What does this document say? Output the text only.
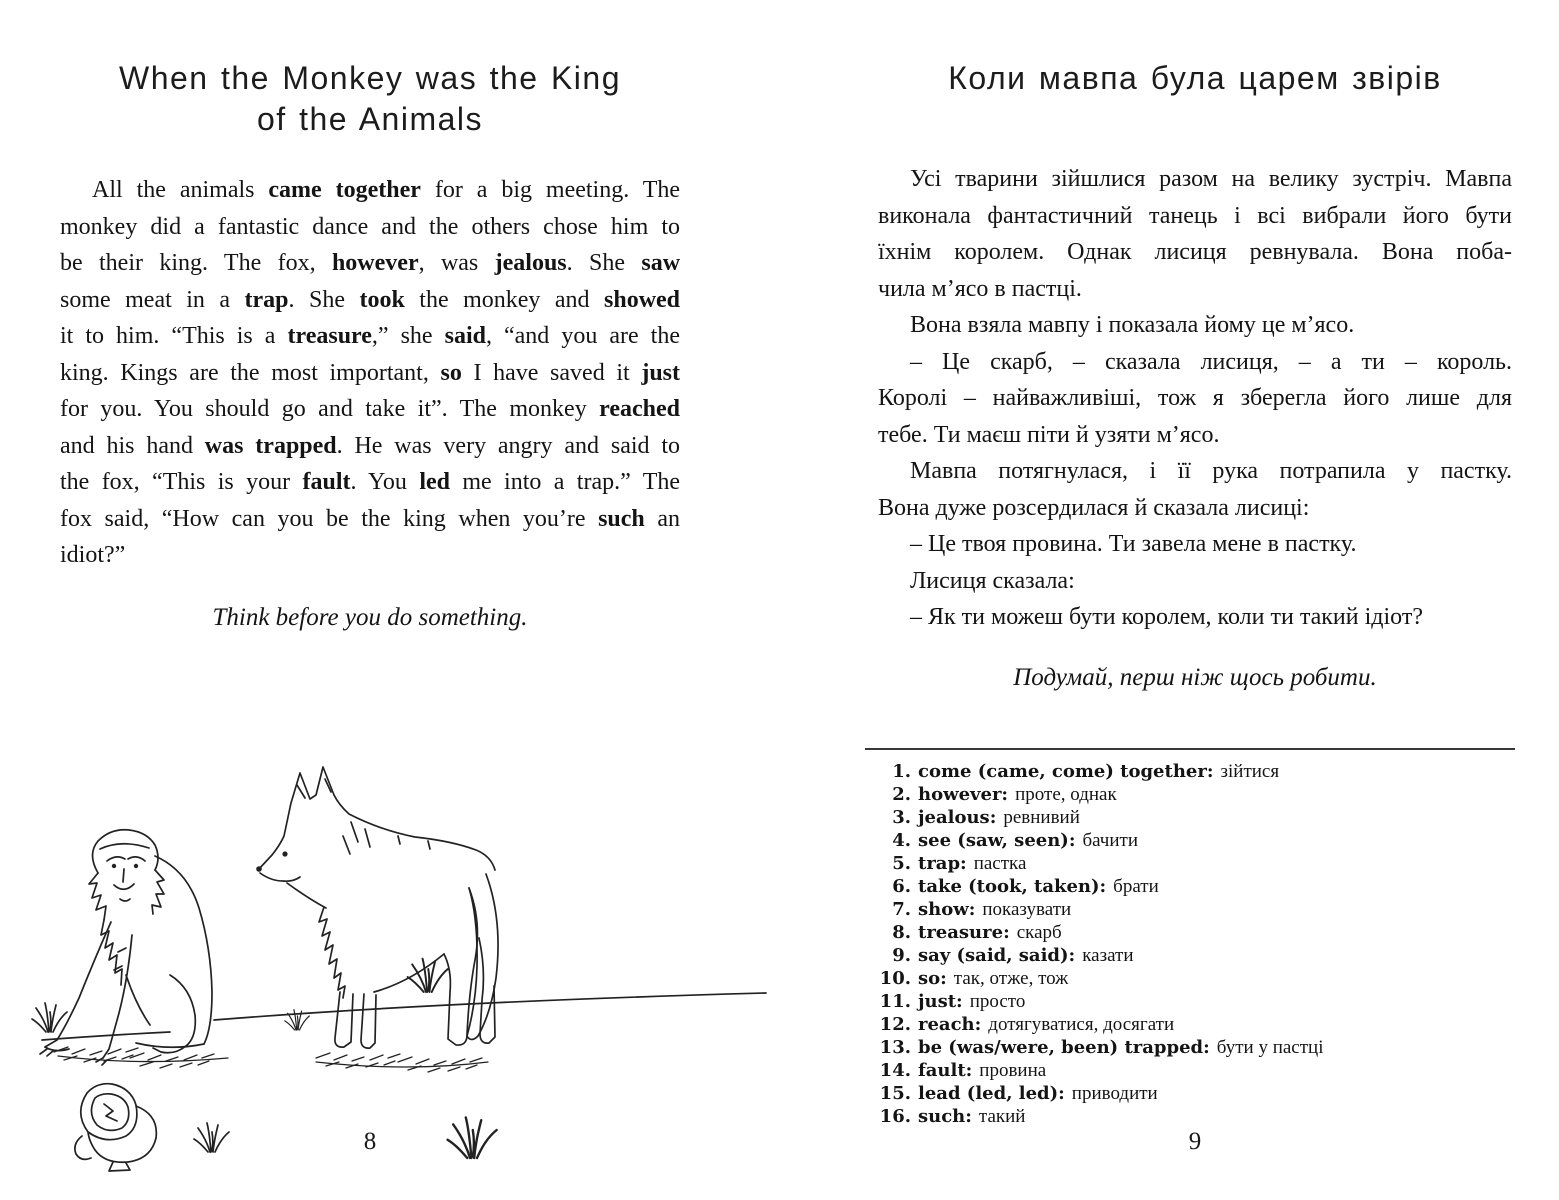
When the Monkey was the King
of the Animals
All the animals came together for a big meeting. The
monkey did a fantastic dance and the others chose him to
be their king. The fox, however, was jealous. She saw
some meat in a trap. She took the monkey and showed
it to him. “This is a treasure,” she said, “and you are the
king. Kings are the most important, so I have saved it just
for you. You should go and take it”. The monkey reached
and his hand was trapped. He was very angry and said to
the fox, “This is your fault. You led me into a trap.” The
fox said, “How can you be the king when you’re such an
idiot?”
Think before you do something.
8
Коли мавпа була царем звірів
Усі тварини зійшлися разом на велику зустріч. Мавпа
виконала фантастичний танець і всі вибрали його бути
їхнім королем. Однак лисиця ревнувала. Вона поба-
чила м’ясо в пастці.
Вона взяла мавпу і показала йому це м’ясо.
– Це скарб, – сказала лисиця, – а ти – король.
Королі – найважливіші, тож я зберегла його лише для
тебе. Ти маєш піти й узяти м’ясо.
Мавпа потягнулася, і її рука потрапила у пастку.
Вона дуже розсердилася й сказала лисиці:
– Це твоя провина. Ти завела мене в пастку.
Лисиця сказала:
– Як ти можеш бути королем, коли ти такий ідіот?
Подумай, перш ніж щось робити.
1. come (came, come) together: зійтися
2. however: проте, однак
3. jealous: ревнивий
4. see (saw, seen): бачити
5. trap: пастка
6. take (took, taken): брати
7. show: показувати
8. treasure: скарб
9. say (said, said): казати
10. so: так, отже, тож
11. just: просто
12. reach: дотягуватися, досягати
13. be (was/were, been) trapped: бути у пастці
14. fault: провина
15. lead (led, led): приводити
16. such: такий
9
